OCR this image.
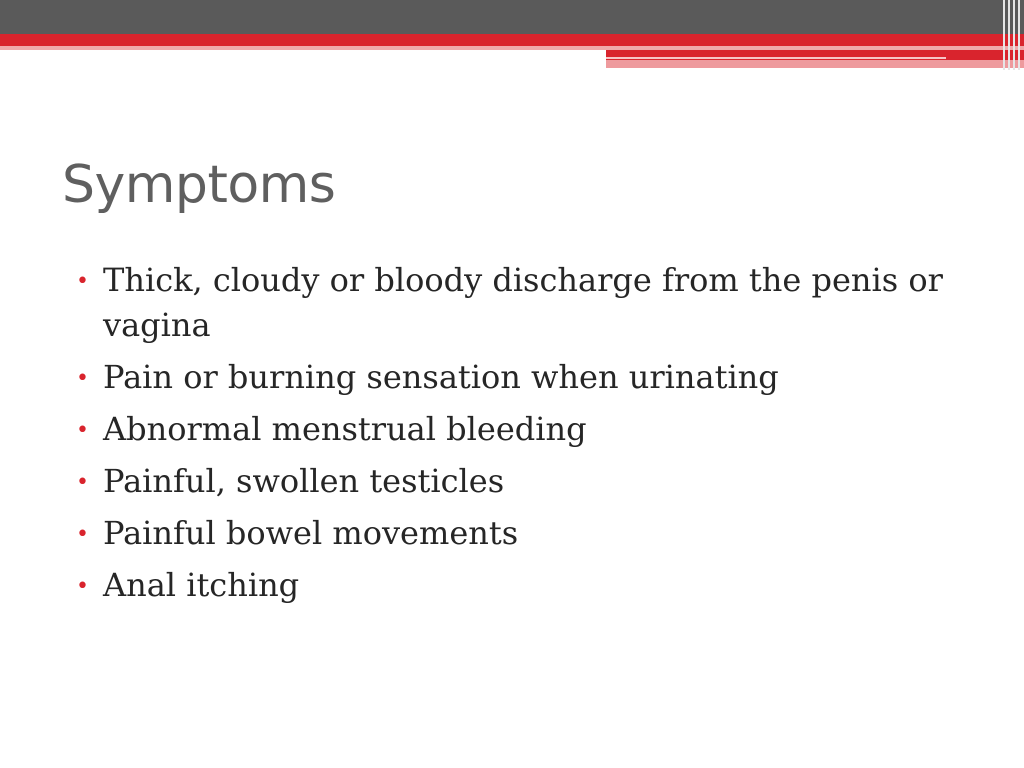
Symptoms
• Thick, cloudy or bloody discharge from the penis or vagina
• Pain or burning sensation when urinating
• Abnormal menstrual bleeding
• Painful, swollen testicles
• Painful bowel movements
• Anal itching
